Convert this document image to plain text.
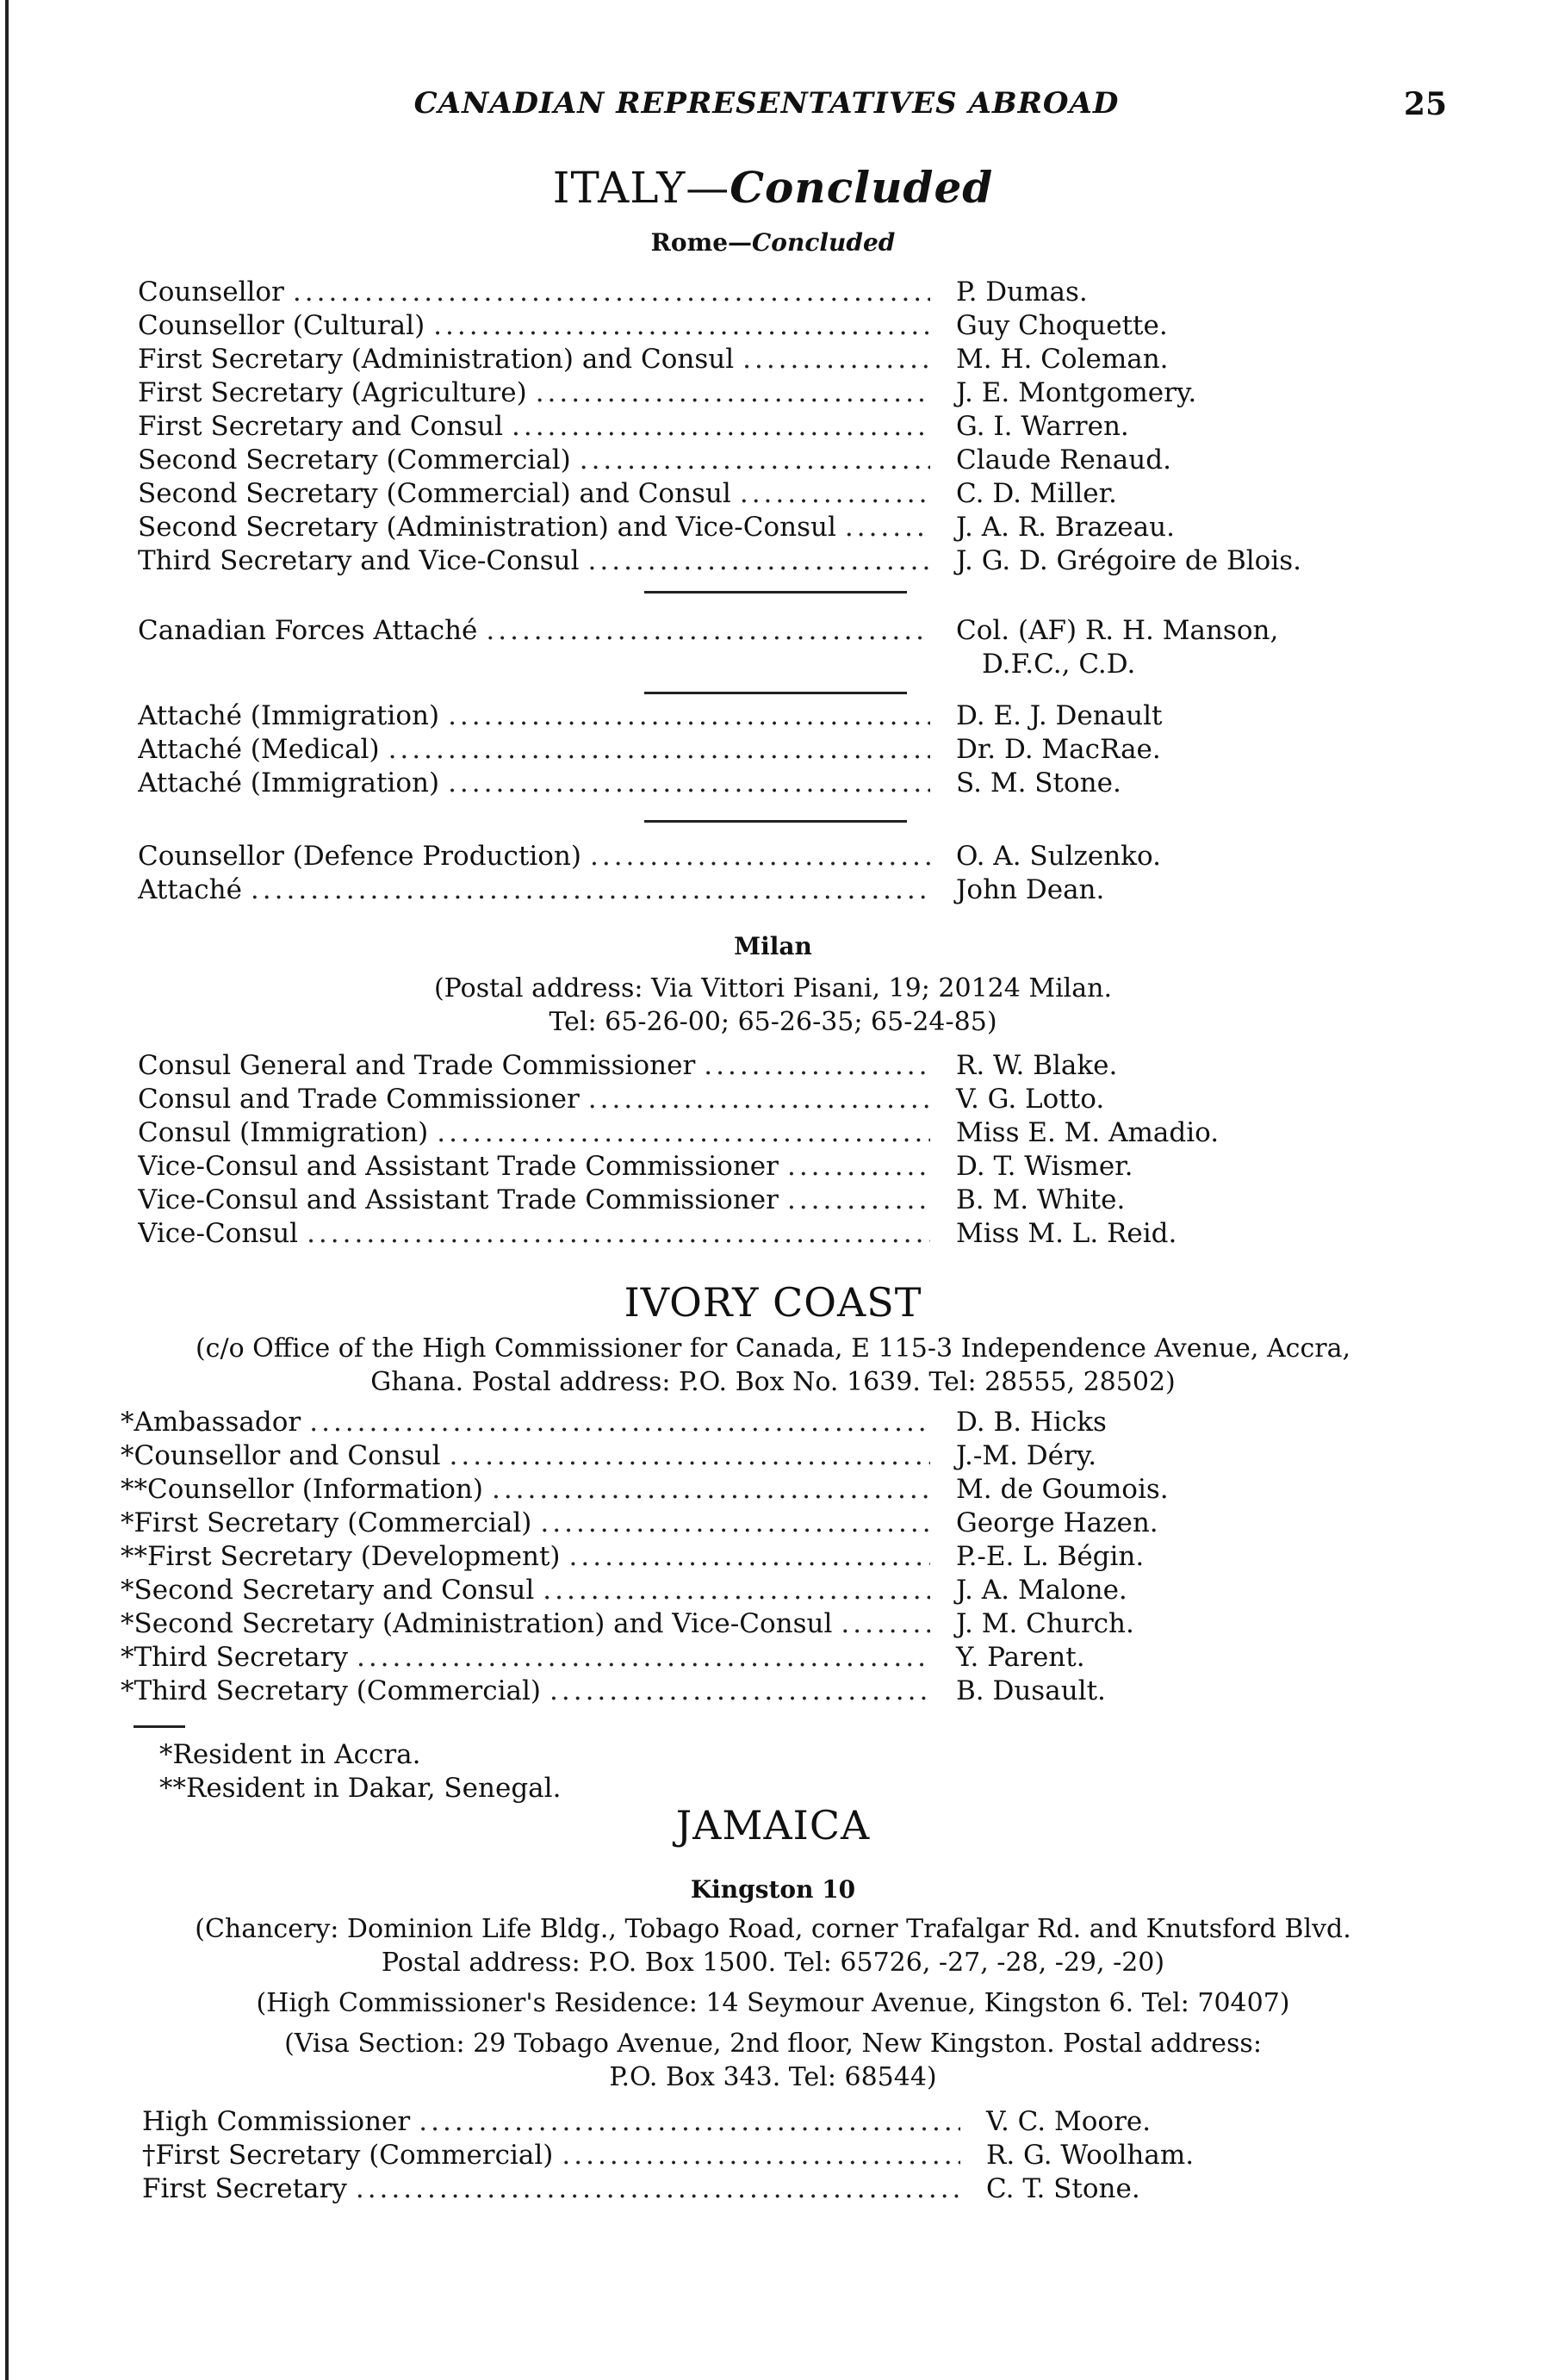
CANADIAN REPRESENTATIVES ABROAD	25
ITALY—Concluded
Rome—Concluded
Counsellor .....	P. Dumas.
Counsellor (Cultural) .....	Guy Choquette.
First Secretary (Administration) and Consul .....	M. H. Coleman.
First Secretary (Agriculture) .....	J. E. Montgomery.
First Secretary and Consul .....	G. I. Warren.
Second Secretary (Commercial) .....	Claude Renaud.
Second Secretary (Commercial) and Consul .....	C. D. Miller.
Second Secretary (Administration) and Vice-Consul .....	J. A. R. Brazeau.
Third Secretary and Vice-Consul .....	J. G. D. Grégoire de Blois.
Canadian Forces Attaché .....	Col. (AF) R. H. Manson,
D.F.C., C.D.
Attaché (Immigration) .....	D. E. J. Denault
Attaché (Medical) .....	Dr. D. MacRae.
Attaché (Immigration) .....	S. M. Stone.
Counsellor (Defence Production) .....	O. A. Sulzenko.
Attaché .....	John Dean.
Milan
(Postal address: Via Vittori Pisani, 19; 20124 Milan.
Tel: 65-26-00; 65-26-35; 65-24-85)
Consul General and Trade Commissioner .....	R. W. Blake.
Consul and Trade Commissioner .....	V. G. Lotto.
Consul (Immigration) .....	Miss E. M. Amadio.
Vice-Consul and Assistant Trade Commissioner .....	D. T. Wismer.
Vice-Consul and Assistant Trade Commissioner .....	B. M. White.
Vice-Consul .....	Miss M. L. Reid.
IVORY COAST
(c/o Office of the High Commissioner for Canada, E 115-3 Independence Avenue, Accra,
Ghana. Postal address: P.O. Box No. 1639. Tel: 28555, 28502)
*Ambassador .....	D. B. Hicks
*Counsellor and Consul .....	J.-M. Déry.
**Counsellor (Information) .....	M. de Goumois.
*First Secretary (Commercial) .....	George Hazen.
**First Secretary (Development) .....	P.-E. L. Bégin.
*Second Secretary and Consul .....	J. A. Malone.
*Second Secretary (Administration) and Vice-Consul .....	J. M. Church.
*Third Secretary .....	Y. Parent.
*Third Secretary (Commercial) .....	B. Dusault.
*Resident in Accra.
**Resident in Dakar, Senegal.
JAMAICA
Kingston 10
(Chancery: Dominion Life Bldg., Tobago Road, corner Trafalgar Rd. and Knutsford Blvd.
Postal address: P.O. Box 1500. Tel: 65726, -27, -28, -29, -20)
(High Commissioner's Residence: 14 Seymour Avenue, Kingston 6. Tel: 70407)
(Visa Section: 29 Tobago Avenue, 2nd floor, New Kingston. Postal address:
P.O. Box 343. Tel: 68544)
High Commissioner .....	V. C. Moore.
†First Secretary (Commercial) .....	R. G. Woolham.
First Secretary .....	C. T. Stone.
